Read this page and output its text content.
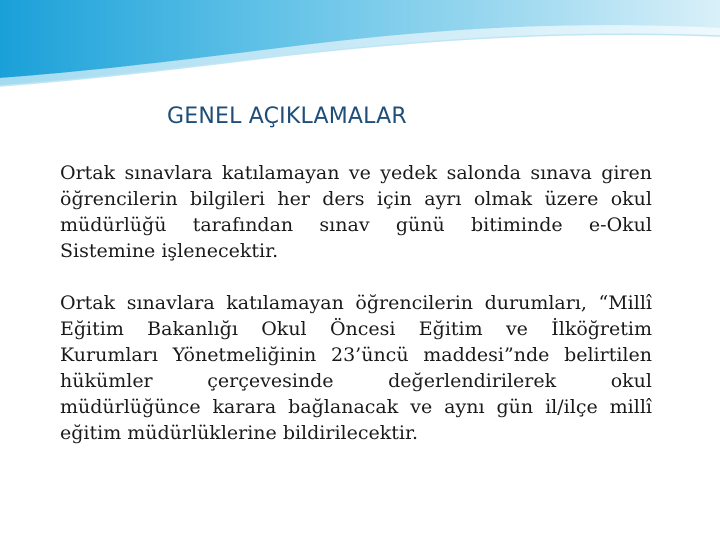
GENEL AÇIKLAMALAR

Ortak sınavlara katılamayan ve yedek salonda sınava giren öğrencilerin bilgileri her ders için ayrı olmak üzere okul müdürlüğü tarafından sınav günü bitiminde e-Okul Sistemine işlenecektir.

Ortak sınavlara katılamayan öğrencilerin durumları, “Millî Eğitim Bakanlığı Okul Öncesi Eğitim ve İlköğretim Kurumları Yönetmeliğinin 23’üncü maddesi”nde belirtilen hükümler çerçevesinde değerlendirilerek okul müdürlüğünce karara bağlanacak ve aynı gün il/ilçe millî eğitim müdürlüklerine bildirilecektir.
